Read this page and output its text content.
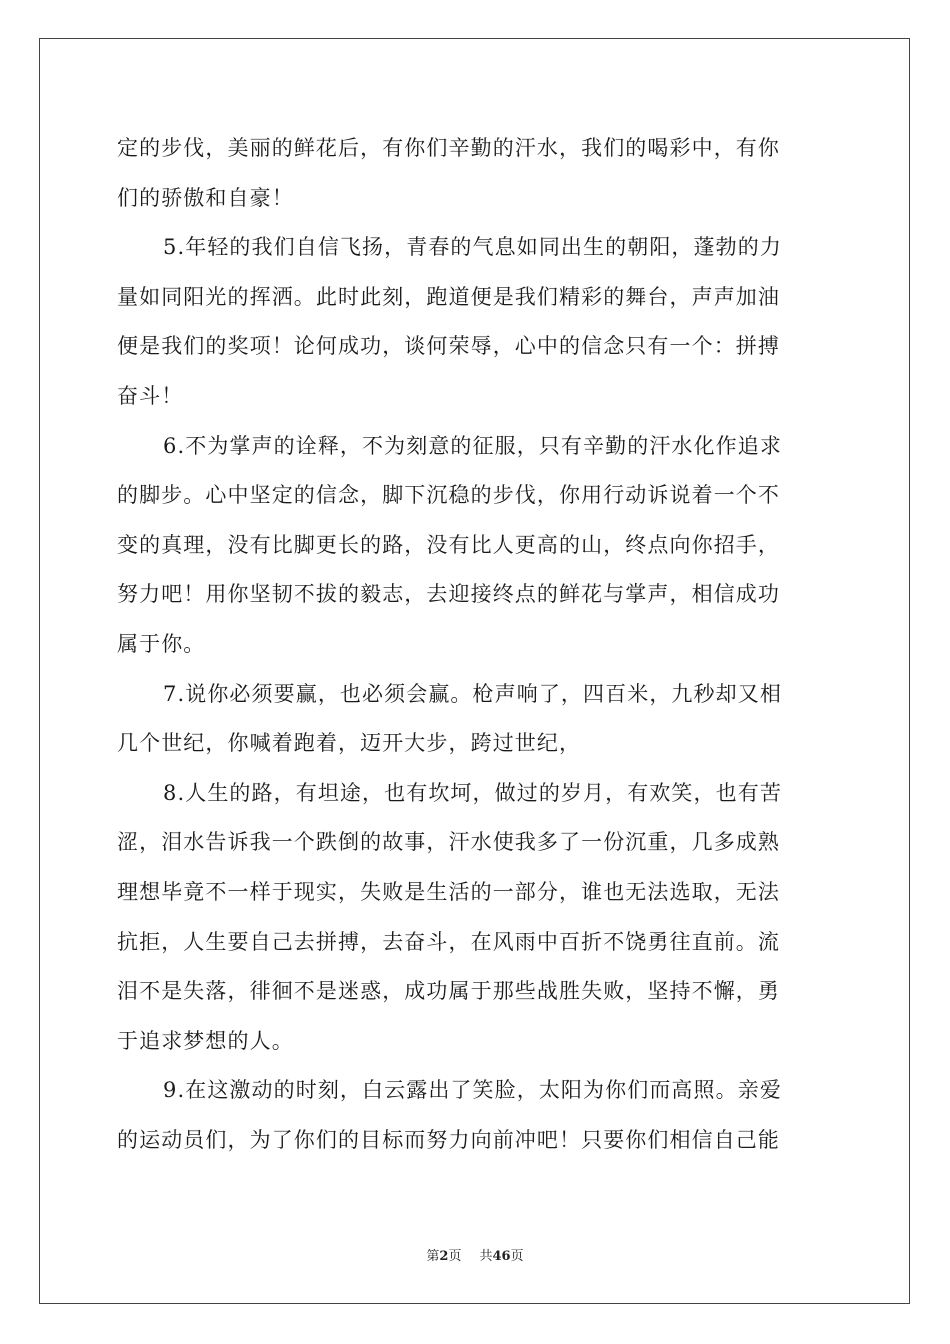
定的步伐，美丽的鲜花后，有你们辛勤的汗水，我们的喝彩中，有你
们的骄傲和自豪！
5.年轻的我们自信飞扬，青春的气息如同出生的朝阳，蓬勃的力
量如同阳光的挥洒。此时此刻，跑道便是我们精彩的舞台，声声加油
便是我们的奖项！论何成功，谈何荣辱，心中的信念只有一个：拼搏
奋斗！
6.不为掌声的诠释，不为刻意的征服，只有辛勤的汗水化作追求
的脚步。心中坚定的信念，脚下沉稳的步伐，你用行动诉说着一个不
变的真理，没有比脚更长的路，没有比人更高的山，终点向你招手，
努力吧！用你坚韧不拔的毅志，去迎接终点的鲜花与掌声，相信成功
属于你。
7.说你必须要赢，也必须会赢。枪声响了，四百米，九秒却又相
几个世纪，你喊着跑着，迈开大步，跨过世纪，
8.人生的路，有坦途，也有坎坷，做过的岁月，有欢笑，也有苦
涩，泪水告诉我一个跌倒的故事，汗水使我多了一份沉重，几多成熟
理想毕竟不一样于现实，失败是生活的一部分，谁也无法选取，无法
抗拒，人生要自己去拼搏，去奋斗，在风雨中百折不饶勇往直前。流
泪不是失落，徘徊不是迷惑，成功属于那些战胜失败，坚持不懈，勇
于追求梦想的人。
9.在这激动的时刻，白云露出了笑脸，太阳为你们而高照。亲爱
的运动员们，为了你们的目标而努力向前冲吧！只要你们相信自己能
第2页 共46页
